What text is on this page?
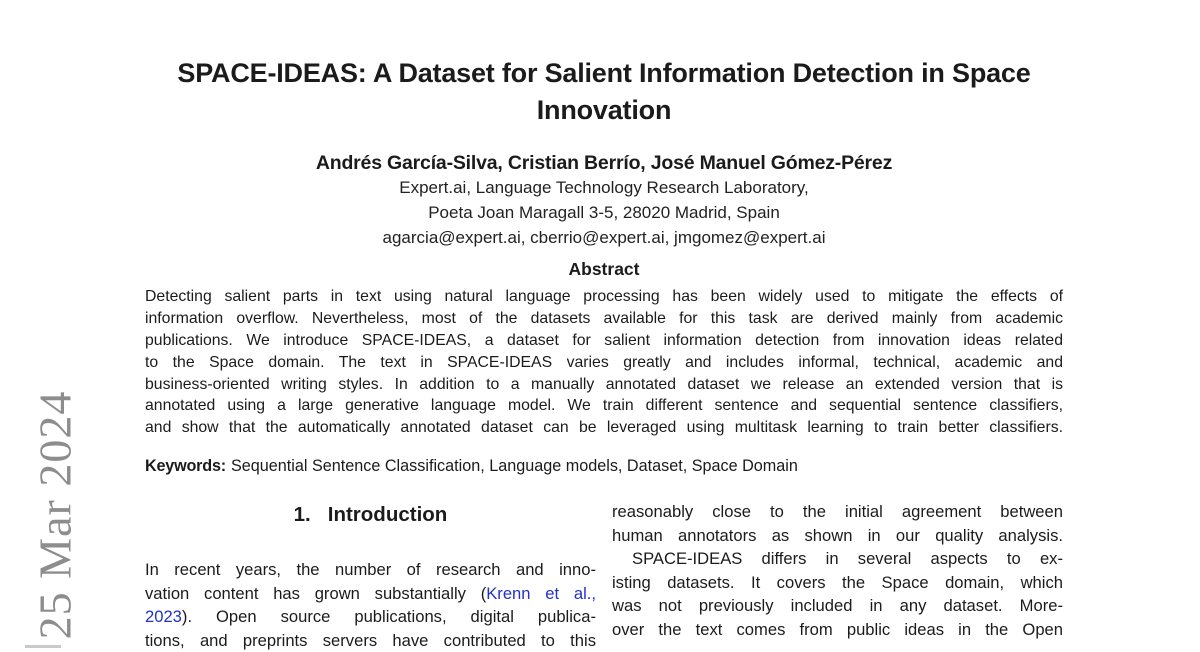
25 Mar 2024
SPACE-IDEAS: A Dataset for Salient Information Detection in Space
Innovation
Andrés García-Silva, Cristian Berrío, José Manuel Gómez-Pérez
Expert.ai, Language Technology Research Laboratory,
Poeta Joan Maragall 3-5, 28020 Madrid, Spain
agarcia@expert.ai, cberrio@expert.ai, jmgomez@expert.ai
Abstract
Detecting salient parts in text using natural language processing has been widely used to mitigate the effects of
information overflow. Nevertheless, most of the datasets available for this task are derived mainly from academic
publications. We introduce SPACE-IDEAS, a dataset for salient information detection from innovation ideas related
to the Space domain. The text in SPACE-IDEAS varies greatly and includes informal, technical, academic and
business-oriented writing styles. In addition to a manually annotated dataset we release an extended version that is
annotated using a large generative language model. We train different sentence and sequential sentence classifiers,
and show that the automatically annotated dataset can be leveraged using multitask learning to train better classifiers.
Keywords: Sequential Sentence Classification, Language models, Dataset, Space Domain
1. Introduction
In recent years, the number of research and inno-
vation content has grown substantially (Krenn et al.,
2023). Open source publications, digital publica-
tions, and preprints servers have contributed to this
reasonably close to the initial agreement between
human annotators as shown in our quality analysis.
SPACE-IDEAS differs in several aspects to ex-
isting datasets. It covers the Space domain, which
was not previously included in any dataset. More-
over the text comes from public ideas in the Open
